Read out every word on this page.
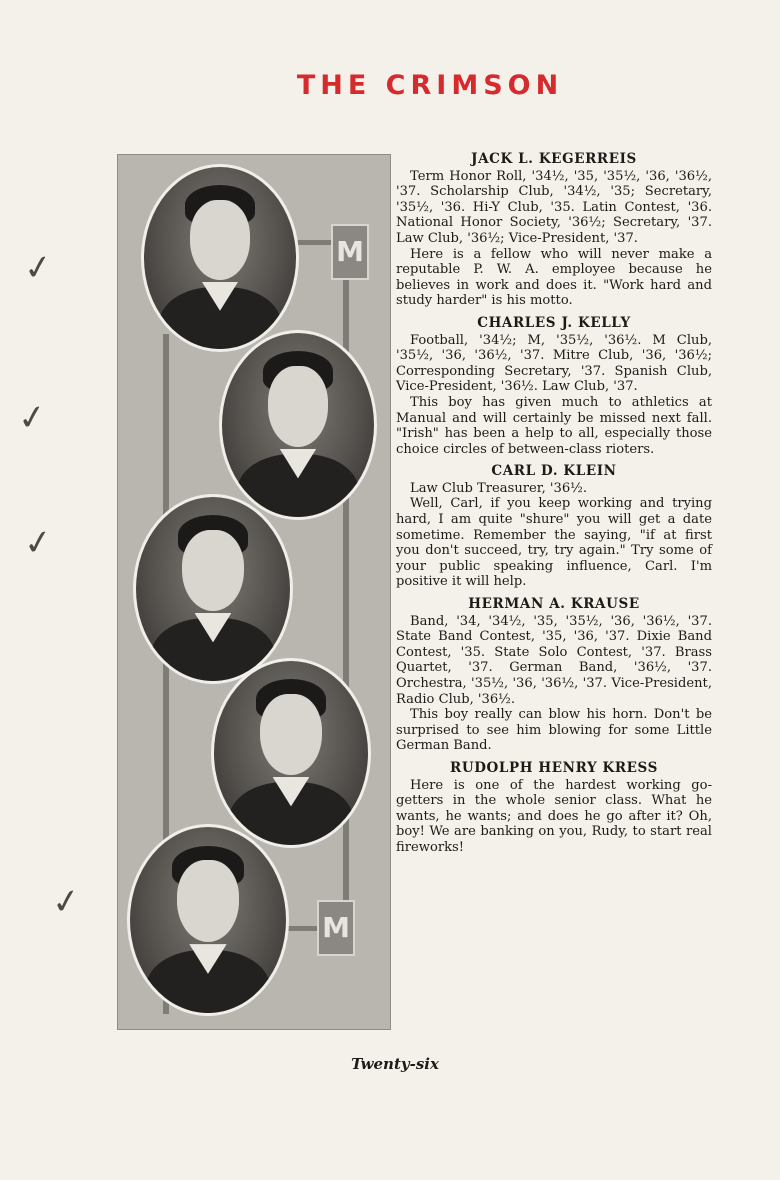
THE CRIMSON
✓
✓
✓
✓
M
M
JACK L. KEGERREIS

Term Honor Roll, '34½, '35, '35½, '36, '36½, '37. Scholarship Club, '34½, '35; Secretary, '35½, '36. Hi-Y Club, '35. Latin Contest, '36. National Honor Society, '36½; Secretary, '37. Law Club, '36½; Vice-President, '37.

Here is a fellow who will never make a reputable P. W. A. employee because he believes in work and does it. "Work hard and study harder" is his motto.

CHARLES J. KELLY

Football, '34½; M, '35½, '36½. M Club, '35½, '36, '36½, '37. Mitre Club, '36, '36½; Corresponding Secretary, '37. Spanish Club, Vice-President, '36½. Law Club, '37.

This boy has given much to athletics at Manual and will certainly be missed next fall. "Irish" has been a help to all, especially those choice circles of between-class rioters.

CARL D. KLEIN

Law Club Treasurer, '36½.

Well, Carl, if you keep working and trying hard, I am quite "shure" you will get a date sometime. Remember the saying, "if at first you don't succeed, try, try again." Try some of your public speaking influence, Carl. I'm positive it will help.

HERMAN A. KRAUSE

Band, '34, '34½, '35, '35½, '36, '36½, '37. State Band Contest, '35, '36, '37. Dixie Band Contest, '35. State Solo Contest, '37. Brass Quartet, '37. German Band, '36½, '37. Orchestra, '35½, '36, '36½, '37. Vice-President, Radio Club, '36½.

This boy really can blow his horn. Don't be surprised to see him blowing for some Little German Band.

RUDOLPH HENRY KRESS

Here is one of the hardest working go-getters in the whole senior class. What he wants, he wants; and does he go after it? Oh, boy! We are banking on you, Rudy, to start real fireworks!

Twenty-six
